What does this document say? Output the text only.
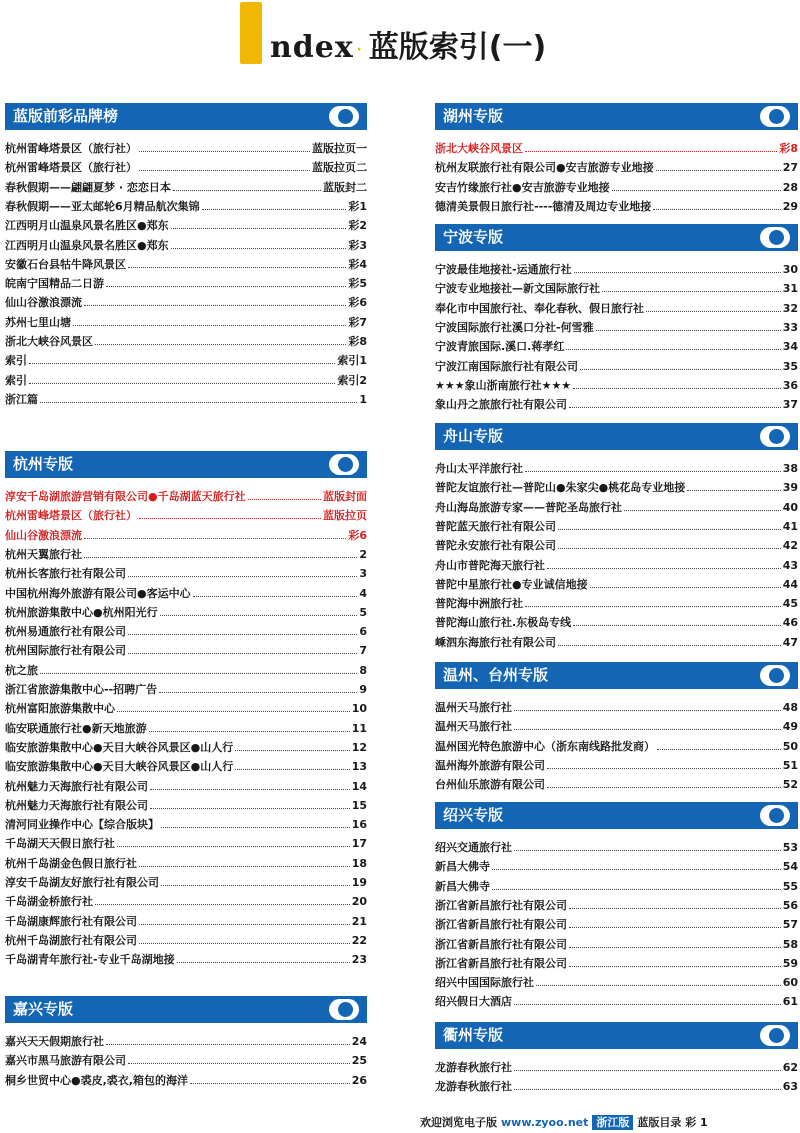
ndex· 蓝版索引(一)
蓝版前彩品牌榜
杭州雷峰塔景区（旅行社）	蓝版拉页一
杭州雷峰塔景区（旅行社）	蓝版拉页二
春秋假期——翩翩夏梦 · 恋恋日本	蓝版封二
春秋假期——亚太邮轮6月精品航次集锦	彩1
江西明月山温泉风景名胜区●郑东	彩2
江西明月山温泉风景名胜区●郑东	彩3
安徽石台县牯牛降风景区	彩4
皖南宁国精品二日游	彩5
仙山谷激浪漂流	彩6
苏州七里山塘	彩7
浙北大峡谷风景区	彩8
索引	索引1
索引	索引2
浙江篇	1
杭州专版
淳安千岛湖旅游营销有限公司●千岛湖蓝天旅行社	蓝版封面
杭州雷峰塔景区（旅行社）	蓝版拉页
仙山谷激浪漂流	彩6
杭州天翼旅行社	2
杭州长客旅行社有限公司	3
中国杭州海外旅游有限公司●客运中心	4
杭州旅游集散中心●杭州阳光行	5
杭州易通旅行社有限公司	6
杭州国际旅行社有限公司	7
杭之旅	8
浙江省旅游集散中心--招聘广告	9
杭州富阳旅游集散中心	10
临安联通旅行社●新天地旅游	11
临安旅游集散中心●天目大峡谷风景区●山人行	12
临安旅游集散中心●天目大峡谷风景区●山人行	13
杭州魅力天海旅行社有限公司	14
杭州魅力天海旅行社有限公司	15
清河同业操作中心【综合版块】	16
千岛湖天天假日旅行社	17
杭州千岛湖金色假日旅行社	18
淳安千岛湖友好旅行社有限公司	19
千岛湖金桥旅行社	20
千岛湖康辉旅行社有限公司	21
杭州千岛湖旅行社有限公司	22
千岛湖青年旅行社-专业千岛湖地接	23
嘉兴专版
嘉兴天天假期旅行社	24
嘉兴市黑马旅游有限公司	25
桐乡世贸中心●裘皮,裘衣,箱包的海洋	26
湖州专版
浙北大峡谷风景区	彩8
杭州友联旅行社有限公司●安吉旅游专业地接	27
安吉竹缘旅行社●安吉旅游专业地接	28
德清美景假日旅行社----德清及周边专业地接	29
宁波专版
宁波最佳地接社-运通旅行社	30
宁波专业地接社—新文国际旅行社	31
奉化市中国旅行社、奉化春秋、假日旅行社	32
宁波国际旅行社溪口分社-何雪雅	33
宁波青旅国际.溪口.蒋孝红	34
宁波江南国际旅行社有限公司	35
★★★象山浙南旅行社★★★	36
象山丹之旅旅行社有限公司	37
舟山专版
舟山太平洋旅行社	38
普陀友谊旅行社—普陀山●朱家尖●桃花岛专业地接	39
舟山海岛旅游专家——普陀圣岛旅行社	40
普陀蓝天旅行社有限公司	41
普陀永安旅行社有限公司	42
舟山市普陀海天旅行社	43
普陀中星旅行社●专业诚信地接	44
普陀海中洲旅行社	45
普陀海山旅行社.东极岛专线	46
嵊泗东海旅行社有限公司	47
温州、台州专版
温州天马旅行社	48
温州天马旅行社	49
温州国光特色旅游中心（浙东南线路批发商）	50
温州海外旅游有限公司	51
台州仙乐旅游有限公司	52
绍兴专版
绍兴交通旅行社	53
新昌大佛寺	54
新昌大佛寺	55
浙江省新昌旅行社有限公司	56
浙江省新昌旅行社有限公司	57
浙江省新昌旅行社有限公司	58
浙江省新昌旅行社有限公司	59
绍兴中国国际旅行社	60
绍兴假日大酒店	61
衢州专版
龙游春秋旅行社	62
龙游春秋旅行社	63
欢迎浏览电子版 www.zyoo.net 浙江版 蓝版目录 彩 1
